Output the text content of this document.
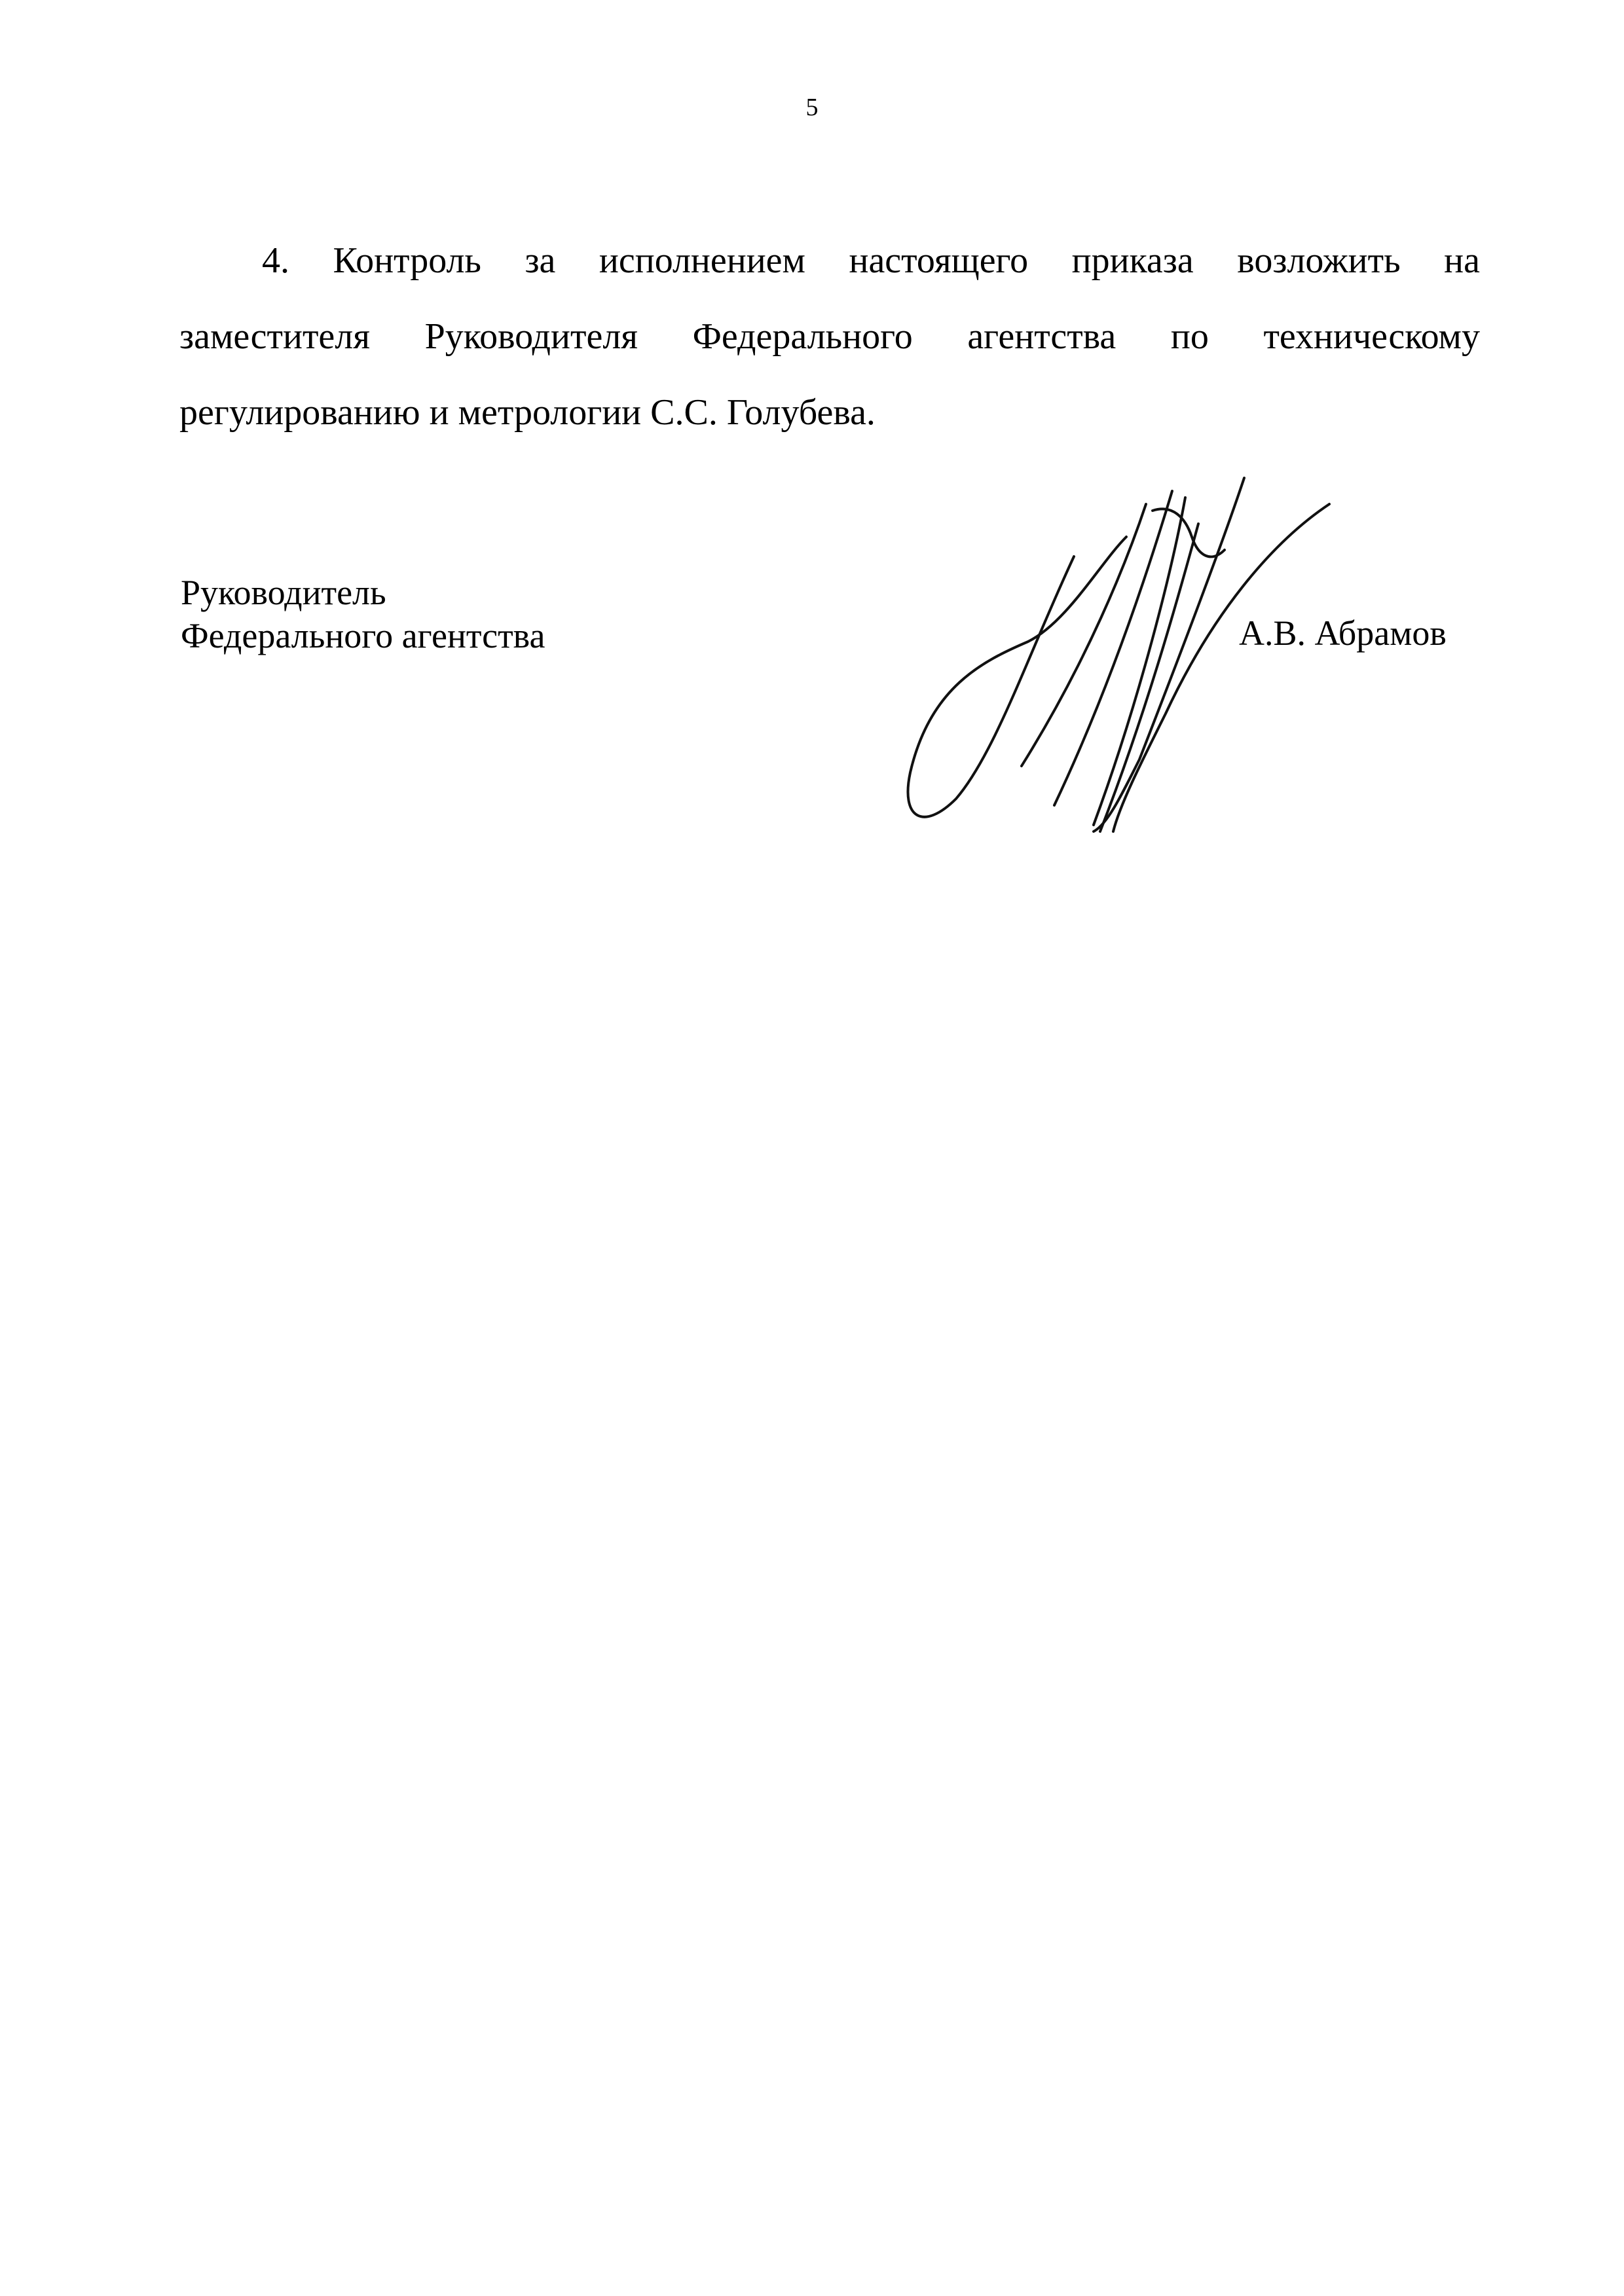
5
4. Контроль за исполнением настоящего приказа возложить на
заместителя Руководителя Федерального агентства по техническому
регулированию и метрологии С.С. Голубева.
Руководитель
Федерального агентства	А.В. Абрамов
